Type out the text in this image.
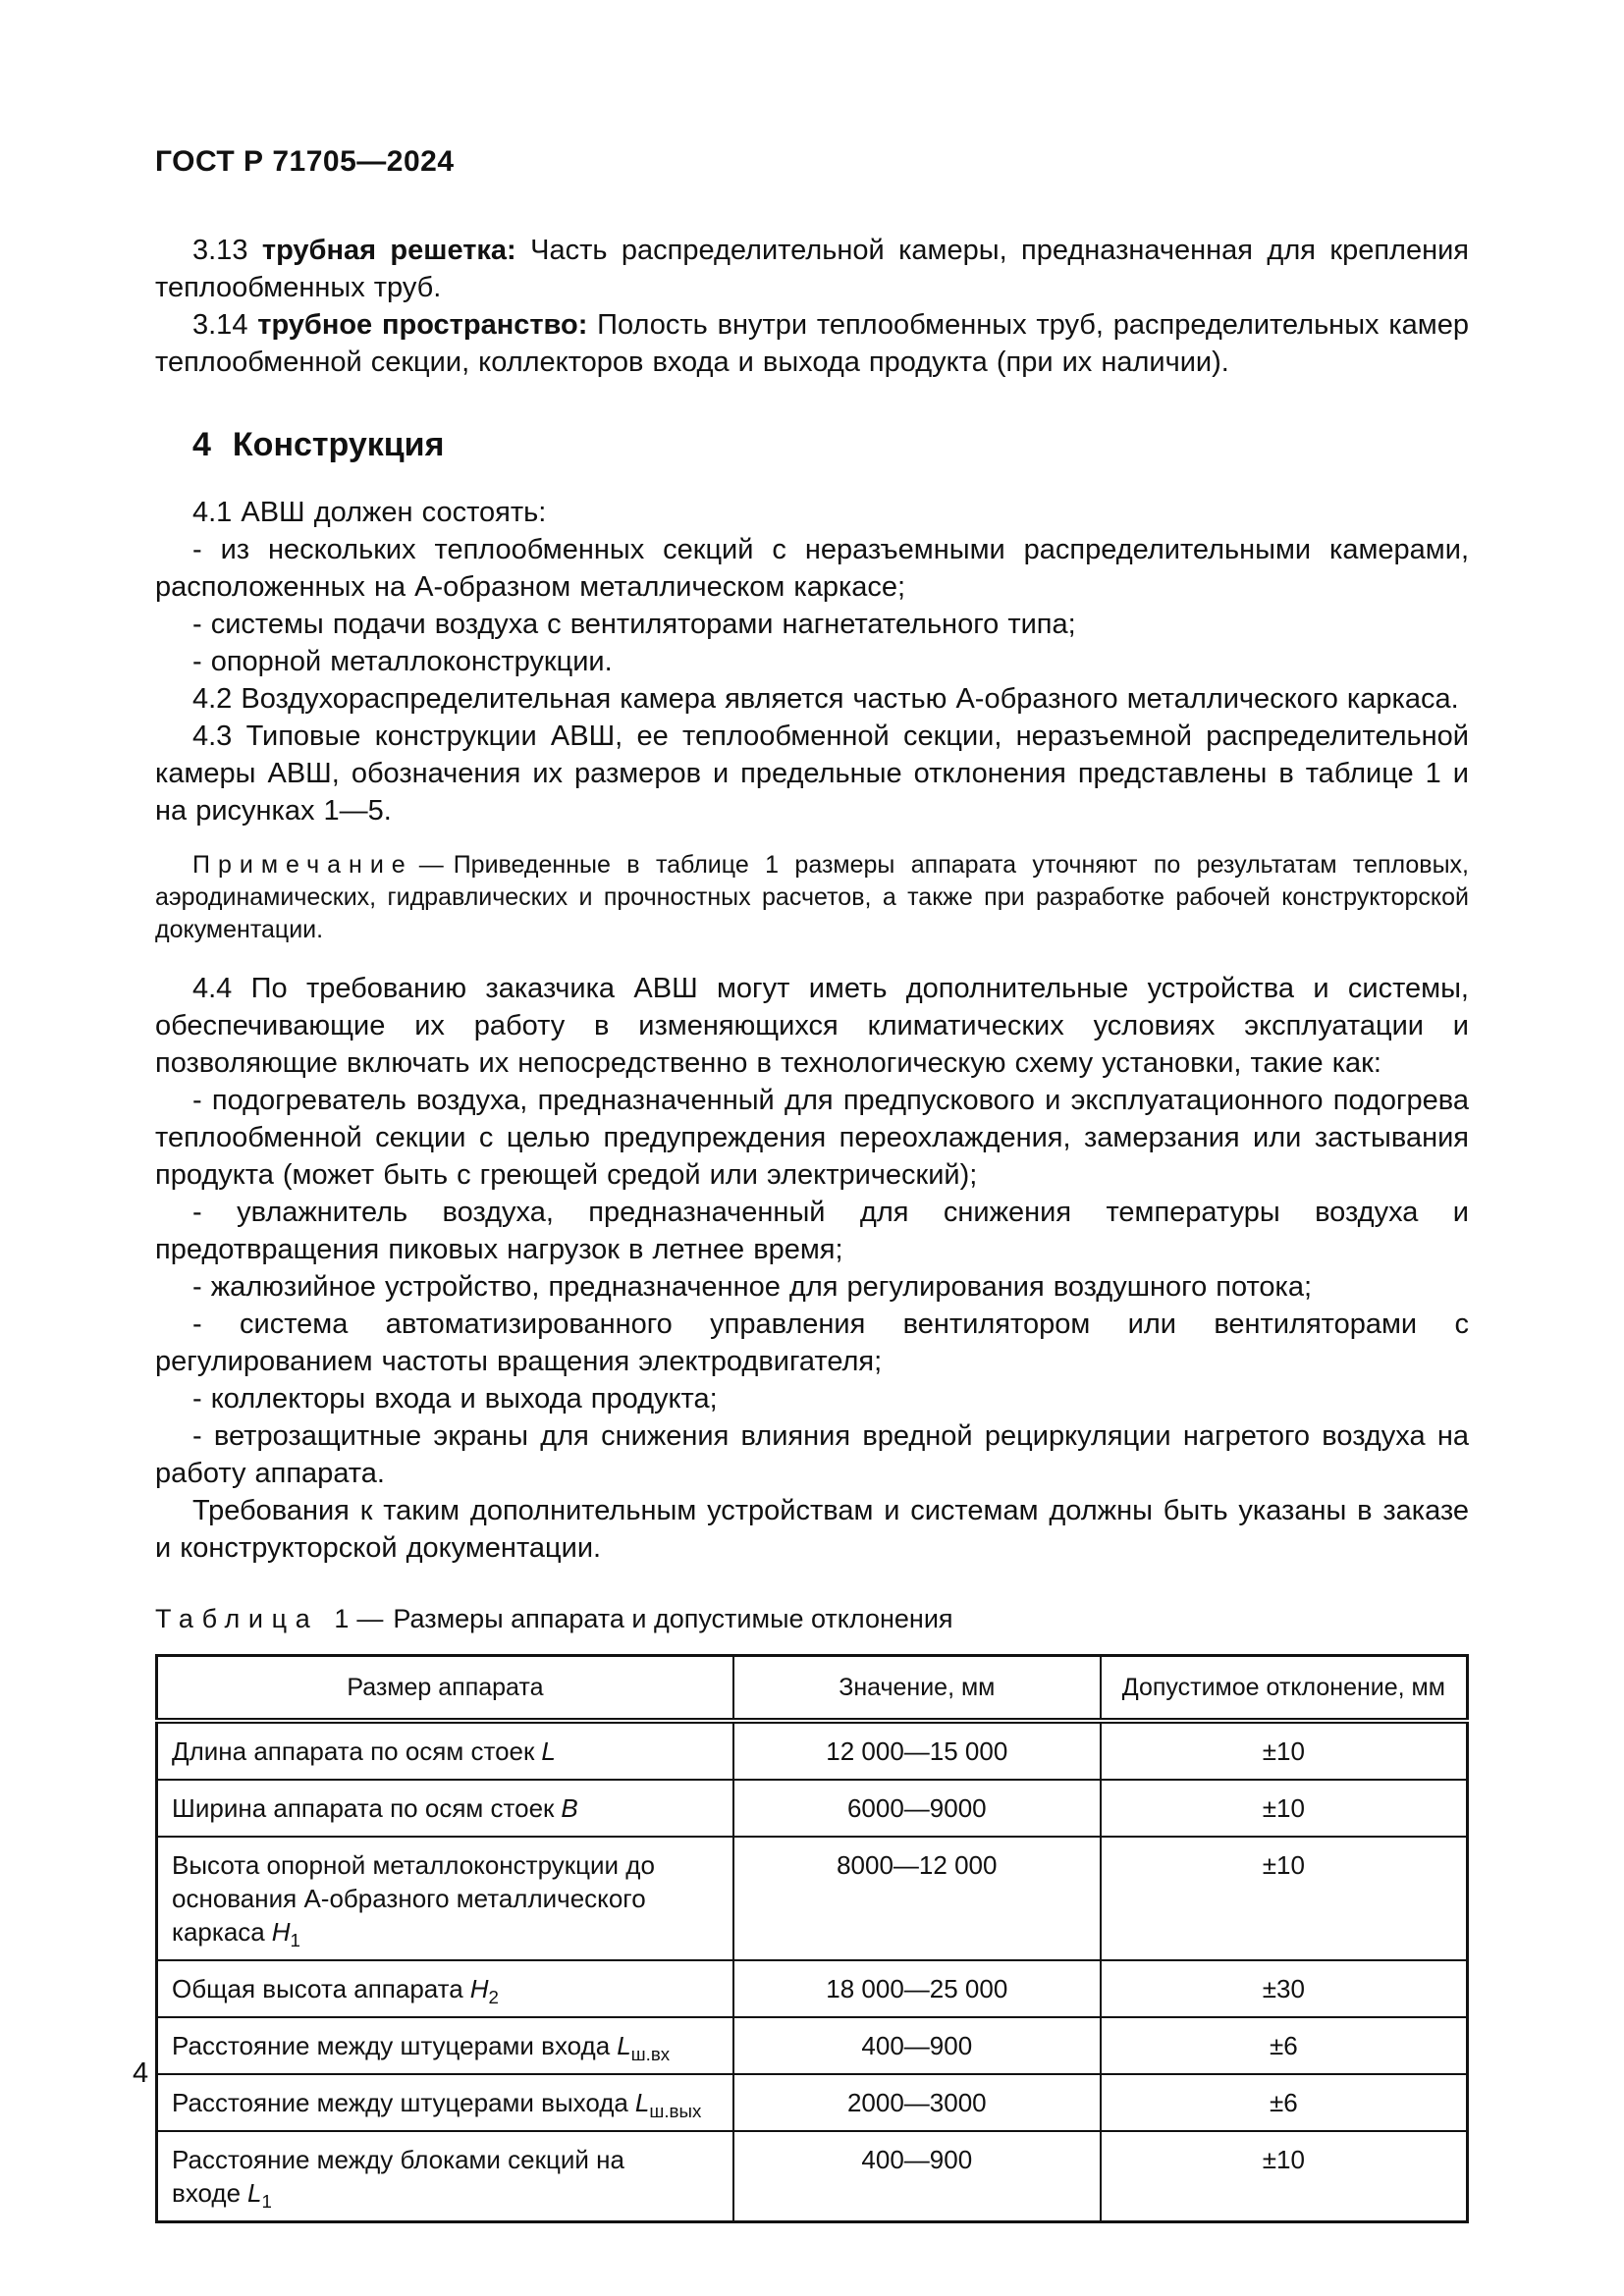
ГОСТ Р 71705—2024

3.13 трубная решетка: Часть распределительной камеры, предназначенная для крепления теплообменных труб.

3.14 трубное пространство: Полость внутри теплообменных труб, распределительных камер теплообменной секции, коллекторов входа и выхода продукта (при их наличии).

4 Конструкция

4.1 АВШ должен состоять:

- из нескольких теплообменных секций с неразъемными распределительными камерами, расположенных на А-образном металлическом каркасе;

- системы подачи воздуха с вентиляторами нагнетательного типа;

- опорной металлоконструкции.

4.2 Воздухораспределительная камера является частью А-образного металлического каркаса.

4.3 Типовые конструкции АВШ, ее теплообменной секции, неразъемной распределительной камеры АВШ, обозначения их размеров и предельные отклонения представлены в таблице 1 и на рисунках 1—5.

Примечание — Приведенные в таблице 1 размеры аппарата уточняют по результатам тепловых, аэродинамических, гидравлических и прочностных расчетов, а также при разработке рабочей конструкторской документации.

4.4 По требованию заказчика АВШ могут иметь дополнительные устройства и системы, обеспечивающие их работу в изменяющихся климатических условиях эксплуатации и позволяющие включать их непосредственно в технологическую схему установки, такие как:

- подогреватель воздуха, предназначенный для предпускового и эксплуатационного подогрева теплообменной секции с целью предупреждения переохлаждения, замерзания или застывания продукта (может быть с греющей средой или электрический);

- увлажнитель воздуха, предназначенный для снижения температуры воздуха и предотвращения пиковых нагрузок в летнее время;

- жалюзийное устройство, предназначенное для регулирования воздушного потока;

- система автоматизированного управления вентилятором или вентиляторами с регулированием частоты вращения электродвигателя;

- коллекторы входа и выхода продукта;

- ветрозащитные экраны для снижения влияния вредной рециркуляции нагретого воздуха на работу аппарата.

Требования к таким дополнительным устройствам и системам должны быть указаны в заказе и конструкторской документации.

Таблица 1 — Размеры аппарата и допустимые отклонения

Размер аппарата	Значение, мм	Допустимое отклонение, мм
Длина аппарата по осям стоек L	12 000—15 000	±10
Ширина аппарата по осям стоек B	6000—9000	±10
Высота опорной металлоконструкции до основания А-образного металлического каркаса $H_1$	8000—12 000	±10
Общая высота аппарата $H_2$	18 000—25 000	±30
Расстояние между штуцерами входа $L_{ш.вх}$	400—900	±6
Расстояние между штуцерами выхода $L_{ш.вых}$	2000—3000	±6
Расстояние между блоками секций на входе $L_1$	400—900	±10
4
